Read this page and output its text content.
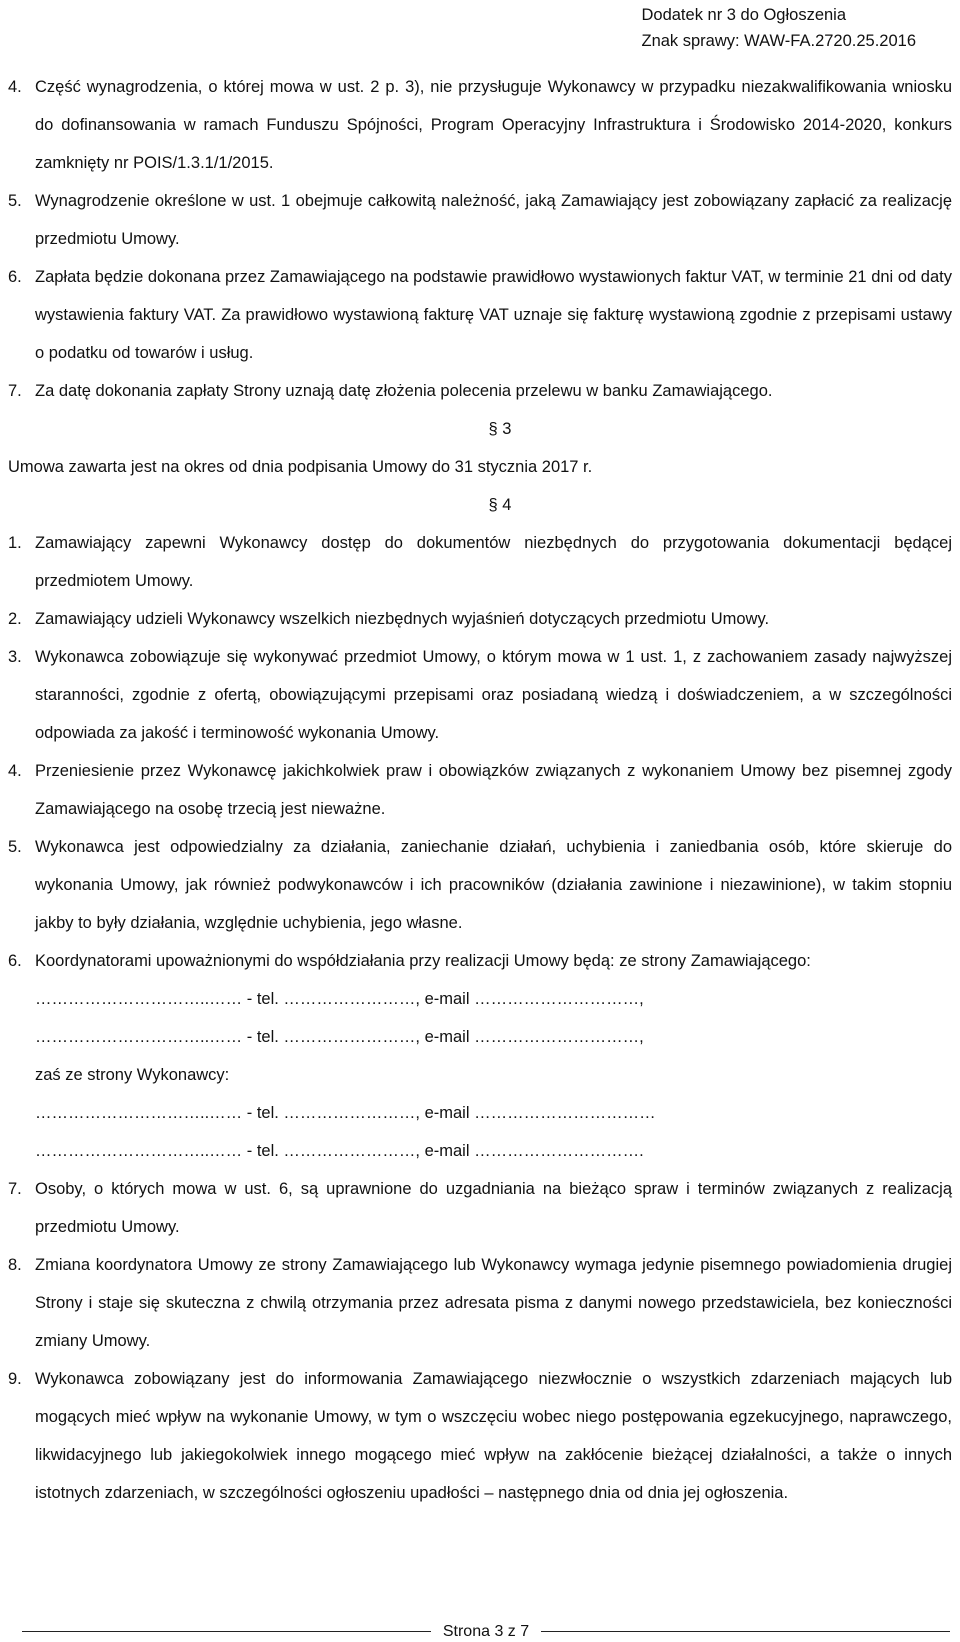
Dodatek nr 3 do Ogłoszenia
Znak sprawy: WAW-FA.2720.25.2016
4. Część wynagrodzenia, o której mowa w ust. 2 p. 3), nie przysługuje Wykonawcy w przypadku niezakwalifikowania wniosku do dofinansowania w ramach Funduszu Spójności, Program Operacyjny Infrastruktura i Środowisko 2014-2020, konkurs zamknięty nr POIS/1.3.1/1/2015.
5. Wynagrodzenie określone w ust. 1 obejmuje całkowitą należność, jaką Zamawiający jest zobowiązany zapłacić za realizację przedmiotu Umowy.
6. Zapłata będzie dokonana przez Zamawiającego na podstawie prawidłowo wystawionych faktur VAT, w terminie 21 dni od daty wystawienia faktury VAT. Za prawidłowo wystawioną fakturę VAT uznaje się fakturę wystawioną zgodnie z przepisami ustawy o podatku od towarów i usług.
7. Za datę dokonania zapłaty Strony uznają datę złożenia polecenia przelewu w banku Zamawiającego.
§ 3
Umowa zawarta jest na okres od dnia podpisania Umowy do 31 stycznia 2017 r.
§ 4
1. Zamawiający zapewni Wykonawcy dostęp do dokumentów niezbędnych do przygotowania dokumentacji będącej przedmiotem Umowy.
2. Zamawiający udzieli Wykonawcy wszelkich niezbędnych wyjaśnień dotyczących przedmiotu Umowy.
3. Wykonawca zobowiązuje się wykonywać przedmiot Umowy, o którym mowa w 1 ust. 1, z zachowaniem zasady najwyższej staranności, zgodnie z ofertą, obowiązującymi przepisami oraz posiadaną wiedzą i doświadczeniem, a w szczególności odpowiada za jakość i terminowość wykonania Umowy.
4. Przeniesienie przez Wykonawcę jakichkolwiek praw i obowiązków związanych z wykonaniem Umowy bez pisemnej zgody Zamawiającego na osobę trzecią jest nieważne.
5. Wykonawca jest odpowiedzialny za działania, zaniechanie działań, uchybienia i zaniedbania osób, które skieruje do wykonania Umowy, jak również podwykonawców i ich pracowników (działania zawinione i niezawinione), w takim stopniu jakby to były działania, względnie uchybienia, jego własne.
6. Koordynatorami upoważnionymi do współdziałania przy realizacji Umowy będą: ze strony Zamawiającego:
…………………………..…… - tel. ……………………, e-mail …………………………,
…………………………..…… - tel. ……………………, e-mail …………………………,
zaś ze strony Wykonawcy:
…………………………..…… - tel. ……………………, e-mail ……………………………
…………………………..…… - tel. ……………………, e-mail ………………………….
7. Osoby, o których mowa w ust. 6, są uprawnione do uzgadniania na bieżąco spraw i terminów związanych z realizacją przedmiotu Umowy.
8. Zmiana koordynatora Umowy ze strony Zamawiającego lub Wykonawcy wymaga jedynie pisemnego powiadomienia drugiej Strony i staje się skuteczna z chwilą otrzymania przez adresata pisma z danymi nowego przedstawiciela, bez konieczności zmiany Umowy.
9. Wykonawca zobowiązany jest do informowania Zamawiającego niezwłocznie o wszystkich zdarzeniach mających lub mogących mieć wpływ na wykonanie Umowy, w tym o wszczęciu wobec niego postępowania egzekucyjnego, naprawczego, likwidacyjnego lub jakiegokolwiek innego mogącego mieć wpływ na zakłócenie bieżącej działalności, a także o innych istotnych zdarzeniach, w szczególności ogłoszeniu upadłości – następnego dnia od dnia jej ogłoszenia.
Strona 3 z 7
